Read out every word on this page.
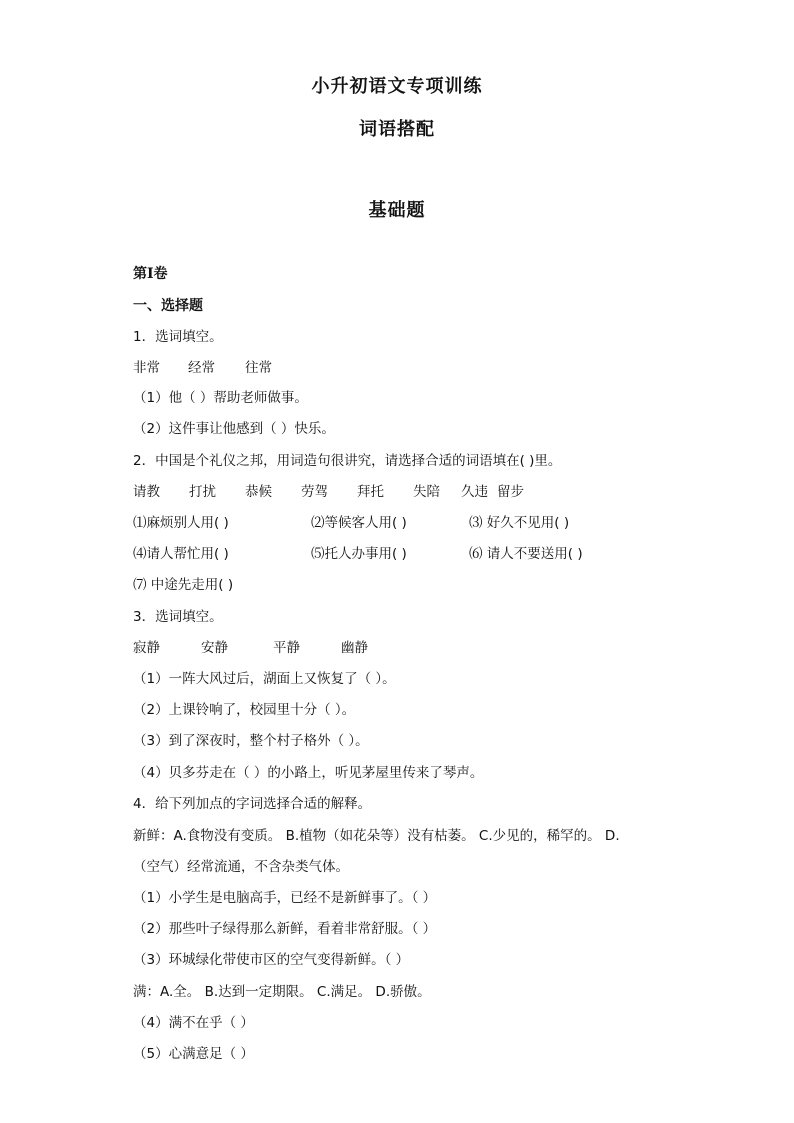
小升初语文专项训练
词语搭配
基础题
第I卷
一、选择题
1．选词填空。
非常 经常 往常
（1）他（ ）帮助老师做事。
（2）这件事让他感到（ ）快乐。
2．中国是个礼仪之邦，用词造句很讲究，请选择合适的词语填在( )里。
请教 打扰 恭候 劳驾 拜托 失陪 久违 留步
⑴麻烦别人用( )	⑵等候客人用( )	⑶ 好久不见用( )
⑷请人帮忙用( )	⑸托人办事用( )	⑹ 请人不要送用( )
⑺ 中途先走用( )
3．选词填空。
寂静	安静	平静	幽静
（1）一阵大风过后，湖面上又恢复了（ ）。
（2）上课铃响了，校园里十分（ ）。
（3）到了深夜时，整个村子格外（ ）。
（4）贝多芬走在（ ）的小路上，听见茅屋里传来了琴声。
4．给下列加点的字词选择合适的解释。
新鲜：A.食物没有变质。 B.植物（如花朵等）没有枯萎。 C.少见的，稀罕的。 D.
（空气）经常流通，不含杂类气体。
（1）小学生是电脑高手，已经不是新鲜事了。（ ）
（2）那些叶子绿得那么新鲜，看着非常舒服。（ ）
（3）环城绿化带使市区的空气变得新鲜。（ ）
满：A.全。 B.达到一定期限。 C.满足。 D.骄傲。
（4）满不在乎（ ）
（5）心满意足（ ）
